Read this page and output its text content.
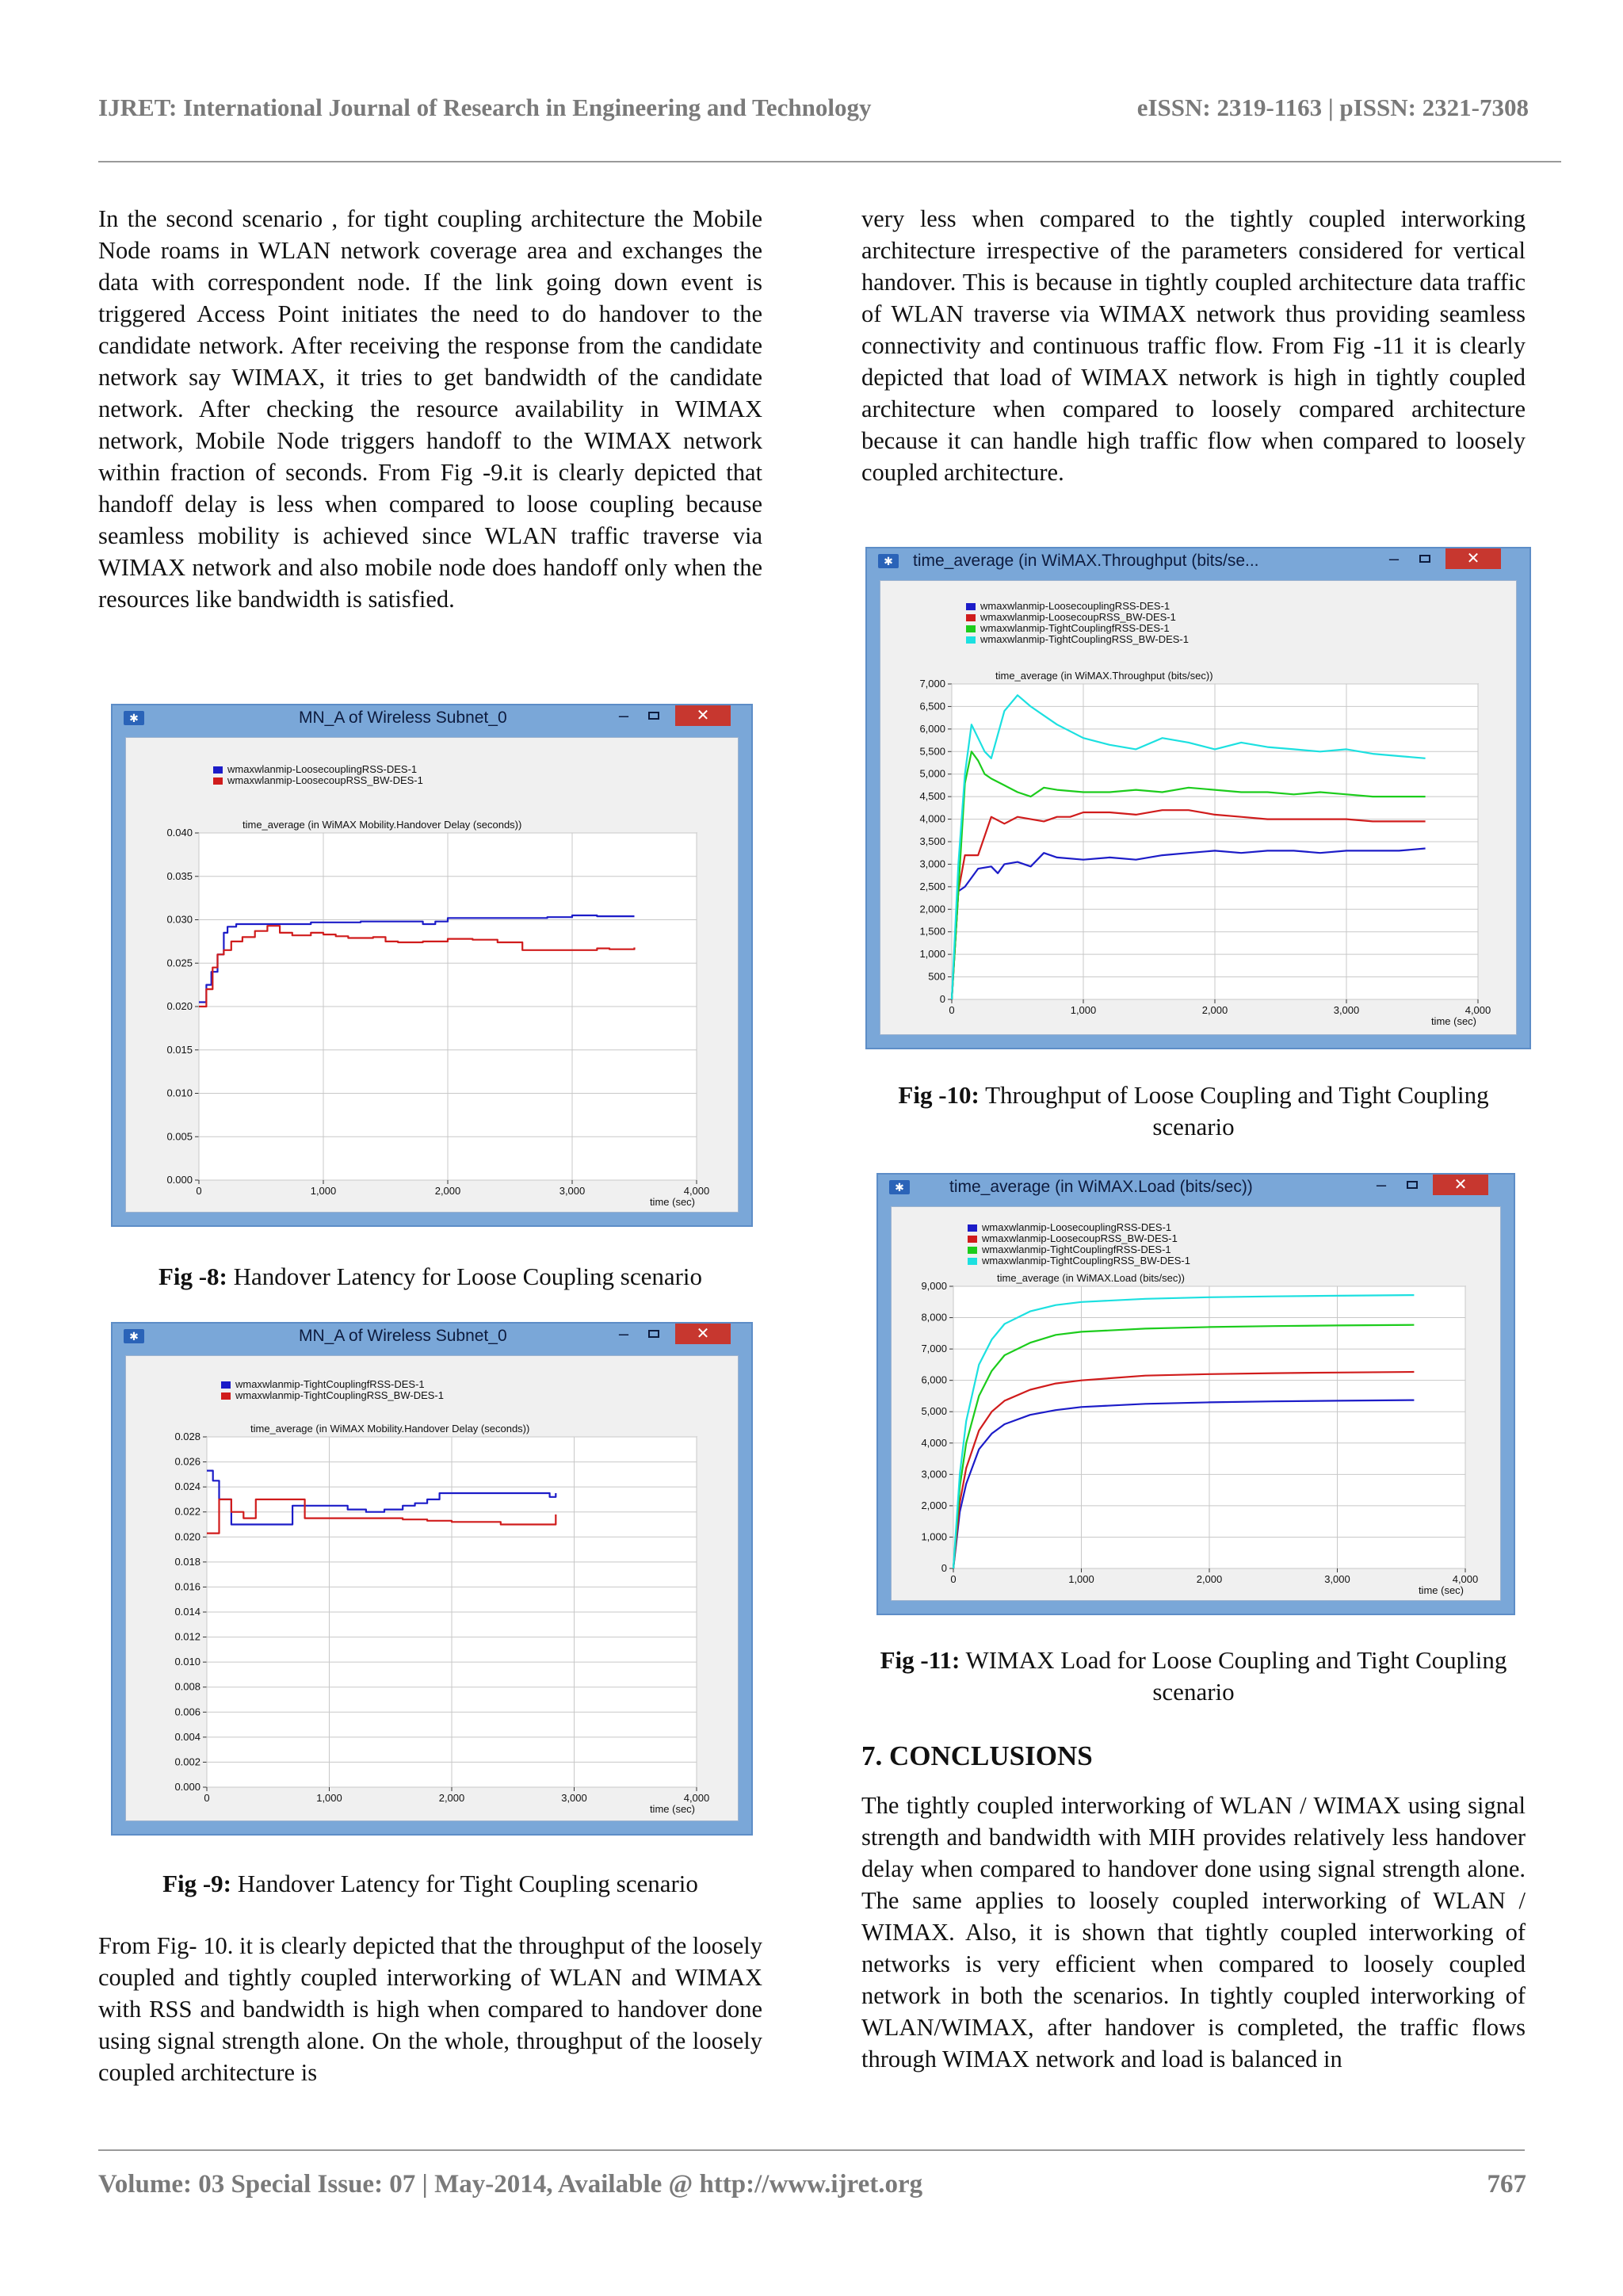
IJRET: International Journal of Research in Engineering and Technology	eISSN: 2319-1163 | pISSN: 2321-7308

In the second scenario , for tight coupling architecture the Mobile Node roams in WLAN network coverage area and exchanges the data with correspondent node. If the link going down event is triggered Access Point initiates the need to do handover to the candidate network. After receiving the response from the candidate network say WIMAX, it tries to get bandwidth of the candidate network. After checking the resource availability in WIMAX network, Mobile Node triggers handoff to the WIMAX network within fraction of seconds. From Fig -9.it is clearly depicted that handoff delay is less when compared to loose coupling because seamless mobility is achieved since WLAN traffic traverse via WIMAX network and also mobile node does handoff only when the resources like bandwidth is satisfied.

✱	MN_A of Wireless Subnet_0	–	✕
wmaxwlanmip-LoosecouplingRSS-DES-1
wmaxwlanmip-LoosecoupRSS_BW-DES-1
time_average (in WiMAX Mobility.Handover Delay (seconds))
0.000
0.005
0.010
0.015
0.020
0.025
0.030
0.035
0.040
0	1,000	2,000	3,000	4,000
time (sec)
Fig -8: Handover Latency for Loose Coupling scenario
✱	MN_A of Wireless Subnet_0	–	✕
wmaxwlanmip-TightCouplingfRSS-DES-1
wmaxwlanmip-TightCouplingRSS_BW-DES-1
time_average (in WiMAX Mobility.Handover Delay (seconds))
0.000
0.002
0.004
0.006
0.008
0.010
0.012
0.014
0.016
0.018
0.020
0.022
0.024
0.026
0.028
0	1,000	2,000	3,000	4,000
time (sec)
Fig -9: Handover Latency for Tight Coupling scenario

From Fig- 10. it is clearly depicted that the throughput of the loosely coupled and tightly coupled interworking of WLAN and WIMAX with RSS and bandwidth is high when compared to handover done using signal strength alone. On the whole, throughput of the loosely coupled architecture is

very less when compared to the tightly coupled interworking architecture irrespective of the parameters considered for vertical handover. This is because in tightly coupled architecture data traffic of WLAN traverse via WIMAX network thus providing seamless connectivity and continuous traffic flow. From Fig -11 it is clearly depicted that load of WIMAX network is high in tightly coupled architecture when compared to loosely compared architecture because it can handle high traffic flow when compared to loosely coupled architecture.

✱	time_average (in WiMAX.Throughput (bits/se...	–	✕
wmaxwlanmip-LoosecouplingRSS-DES-1
wmaxwlanmip-LoosecoupRSS_BW-DES-1
wmaxwlanmip-TightCouplingfRSS-DES-1
wmaxwlanmip-TightCouplingRSS_BW-DES-1
time_average (in WiMAX.Throughput (bits/sec))
0
500
1,000
1,500
2,000
2,500
3,000
3,500
4,000
4,500
5,000
5,500
6,000
6,500
7,000
0	1,000	2,000	3,000	4,000
time (sec)
Fig -10: Throughput of Loose Coupling and Tight Coupling scenario
✱	time_average (in WiMAX.Load (bits/sec))	–	✕
wmaxwlanmip-LoosecouplingRSS-DES-1
wmaxwlanmip-LoosecoupRSS_BW-DES-1
wmaxwlanmip-TightCouplingfRSS-DES-1
wmaxwlanmip-TightCouplingRSS_BW-DES-1
time_average (in WiMAX.Load (bits/sec))
0
1,000
2,000
3,000
4,000
5,000
6,000
7,000
8,000
9,000
0	1,000	2,000	3,000	4,000
time (sec)
Fig -11: WIMAX Load for Loose Coupling and Tight Coupling scenario
7. CONCLUSIONS

The tightly coupled interworking of WLAN / WIMAX using signal strength and bandwidth with MIH provides relatively less handover delay when compared to handover done using signal strength alone. The same applies to loosely coupled interworking of WLAN / WIMAX. Also, it is shown that tightly coupled interworking of networks is very efficient when compared to loosely coupled network in both the scenarios. In tightly coupled interworking of WLAN/WIMAX, after handover is completed, the traffic flows through WIMAX network and load is balanced in

Volume: 03 Special Issue: 07 | May-2014, Available @ http://www.ijret.org	767
